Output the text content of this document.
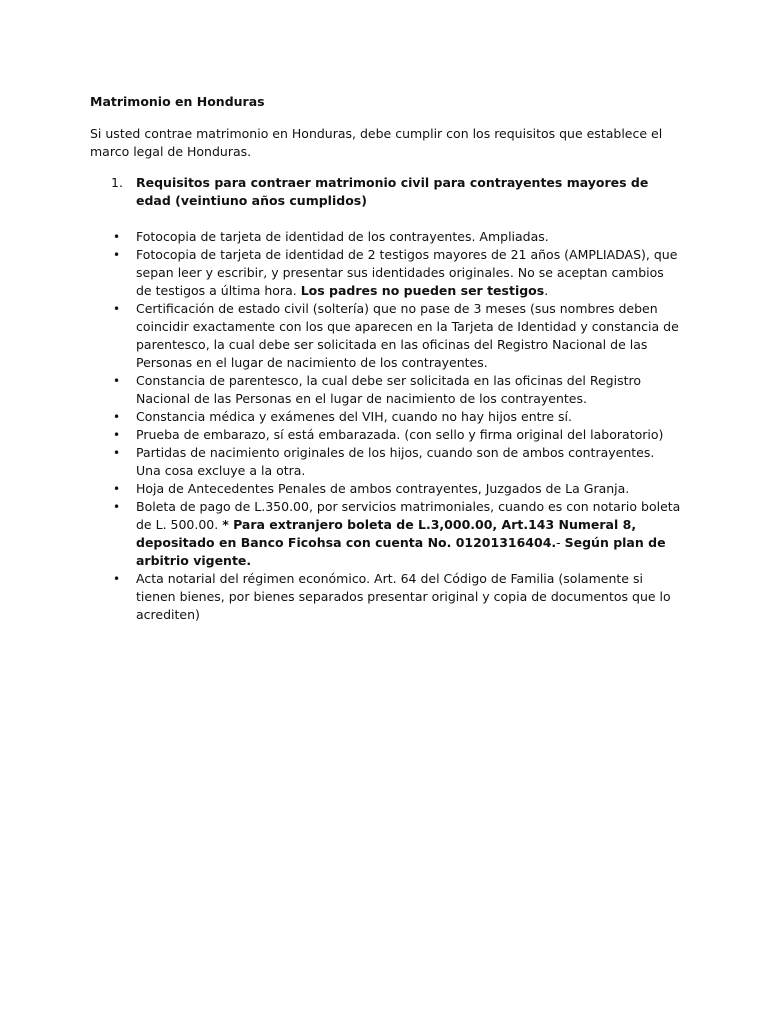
Matrimonio en Honduras

Si usted contrae matrimonio en Honduras, debe cumplir con los requisitos que establece el marco legal de Honduras.

1. Requisitos para contraer matrimonio civil para contrayentes mayores de edad (veintiuno años cumplidos)
• Fotocopia de tarjeta de identidad de los contrayentes. Ampliadas.
• Fotocopia de tarjeta de identidad de 2 testigos mayores de 21 años (AMPLIADAS), que sepan leer y escribir, y presentar sus identidades originales. No se aceptan cambios de testigos a última hora. Los padres no pueden ser testigos.
• Certificación de estado civil (soltería) que no pase de 3 meses (sus nombres deben coincidir exactamente con los que aparecen en la Tarjeta de Identidad y constancia de parentesco, la cual debe ser solicitada en las oficinas del Registro Nacional de las Personas en el lugar de nacimiento de los contrayentes.
• Constancia de parentesco, la cual debe ser solicitada en las oficinas del Registro Nacional de las Personas en el lugar de nacimiento de los contrayentes.
• Constancia médica y exámenes del VIH, cuando no hay hijos entre sí.
• Prueba de embarazo, sí está embarazada. (con sello y firma original del laboratorio)
• Partidas de nacimiento originales de los hijos, cuando son de ambos contrayentes. Una cosa excluye a la otra.
• Hoja de Antecedentes Penales de ambos contrayentes, Juzgados de La Granja.
• Boleta de pago de L.350.00, por servicios matrimoniales, cuando es con notario boleta de L. 500.00. * Para extranjero boleta de L.3,000.00, Art.143 Numeral 8, depositado en Banco Ficohsa con cuenta No. 01201316404.- Según plan de arbitrio vigente.
• Acta notarial del régimen económico. Art. 64 del Código de Familia (solamente si tienen bienes, por bienes separados presentar original y copia de documentos que lo acrediten)
